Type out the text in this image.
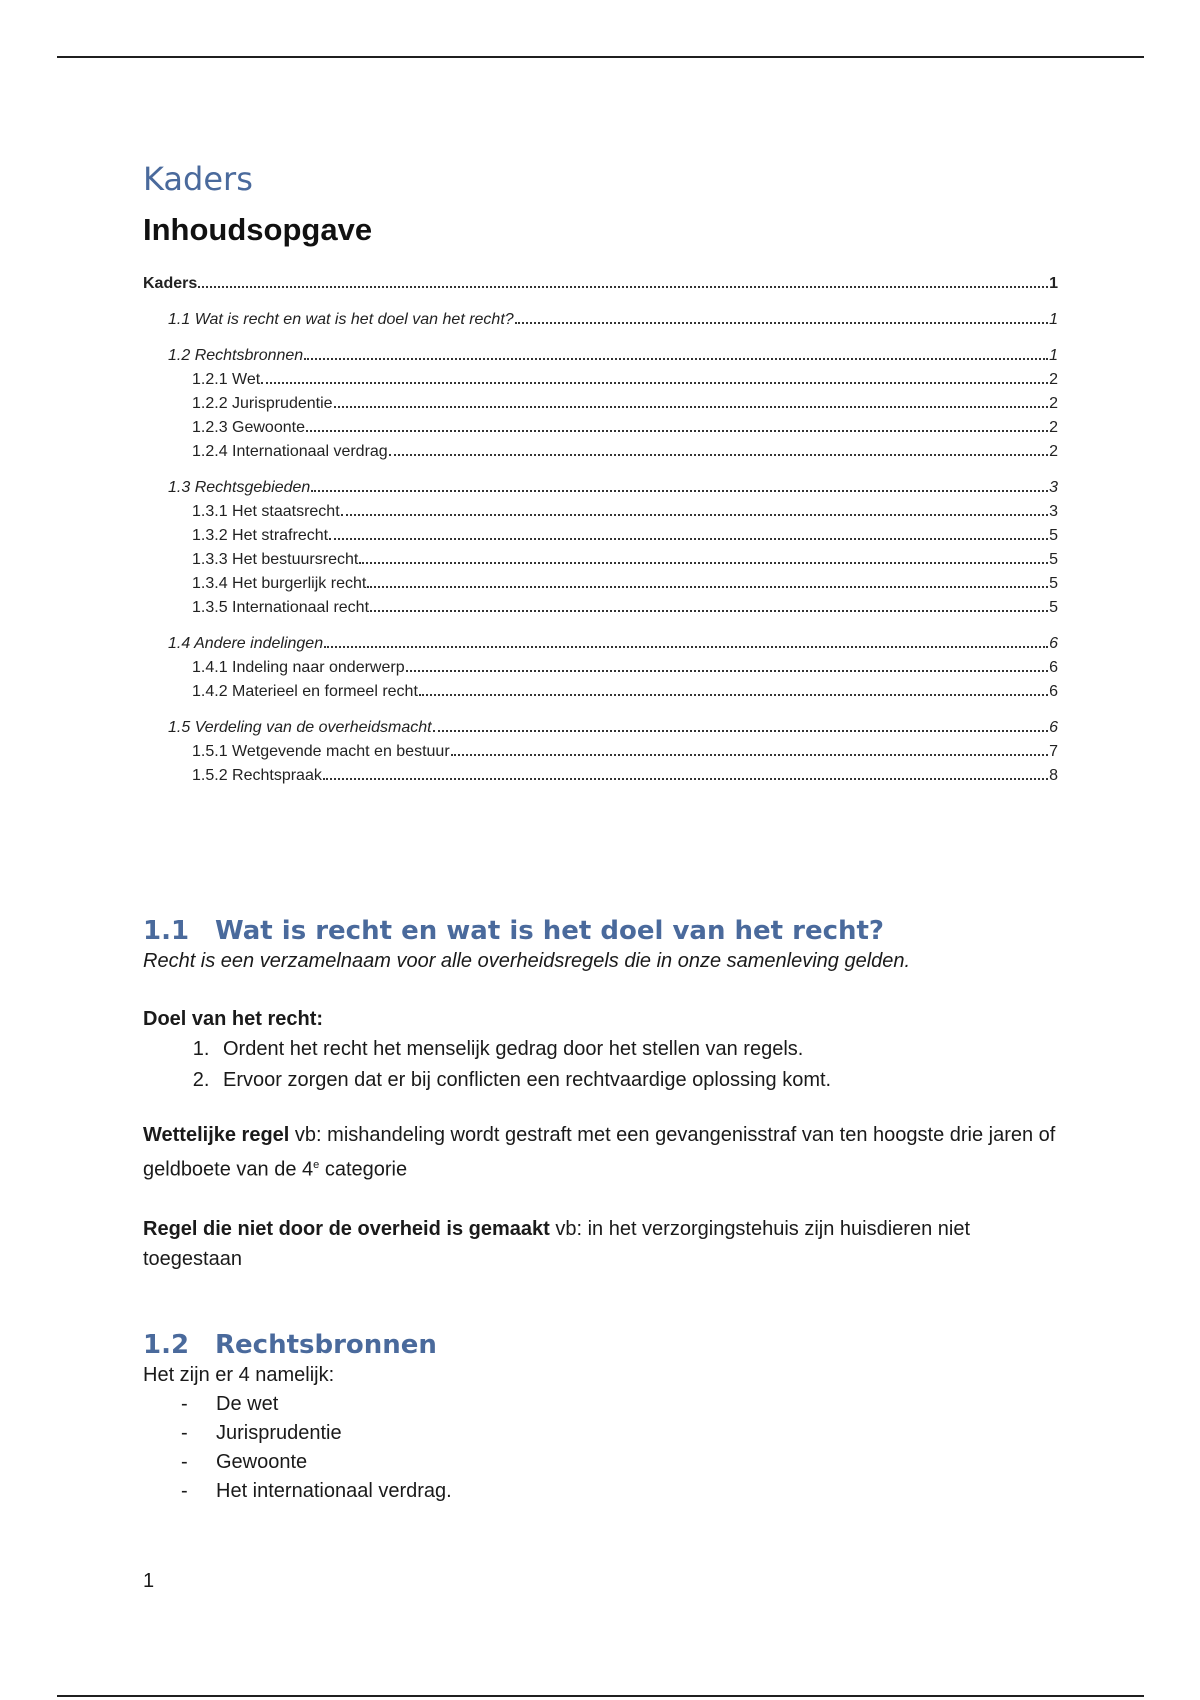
Kaders
Inhoudsopgave
Kaders	1
1.1 Wat is recht en wat is het doel van het recht?	1
1.2 Rechtsbronnen	1
1.2.1 Wet	2
1.2.2 Jurisprudentie	2
1.2.3 Gewoonte	2
1.2.4 Internationaal verdrag	2
1.3 Rechtsgebieden	3
1.3.1 Het staatsrecht	3
1.3.2 Het strafrecht	5
1.3.3 Het bestuursrecht	5
1.3.4 Het burgerlijk recht	5
1.3.5 Internationaal recht	5
1.4 Andere indelingen	6
1.4.1 Indeling naar onderwerp	6
1.4.2 Materieel en formeel recht	6
1.5 Verdeling van de overheidsmacht	6
1.5.1 Wetgevende macht en bestuur	7
1.5.2 Rechtspraak	8
1.1 Wat is recht en wat is het doel van het recht?

Recht is een verzamelnaam voor alle overheidsregels die in onze samenleving gelden.

Doel van het recht:

1. Ordent het recht het menselijk gedrag door het stellen van regels.
2. Ervoor zorgen dat er bij conflicten een rechtvaardige oplossing komt.

Wettelijke regel vb: mishandeling wordt gestraft met een gevangenisstraf van ten hoogste drie jaren of geldboete van de 4e categorie

Regel die niet door de overheid is gemaakt vb: in het verzorgingstehuis zijn huisdieren niet toegestaan

1.2 Rechtsbronnen

Het zijn er 4 namelijk:

-	De wet
-	Jurisprudentie
-	Gewoonte
-	Het internationaal verdrag.
1
